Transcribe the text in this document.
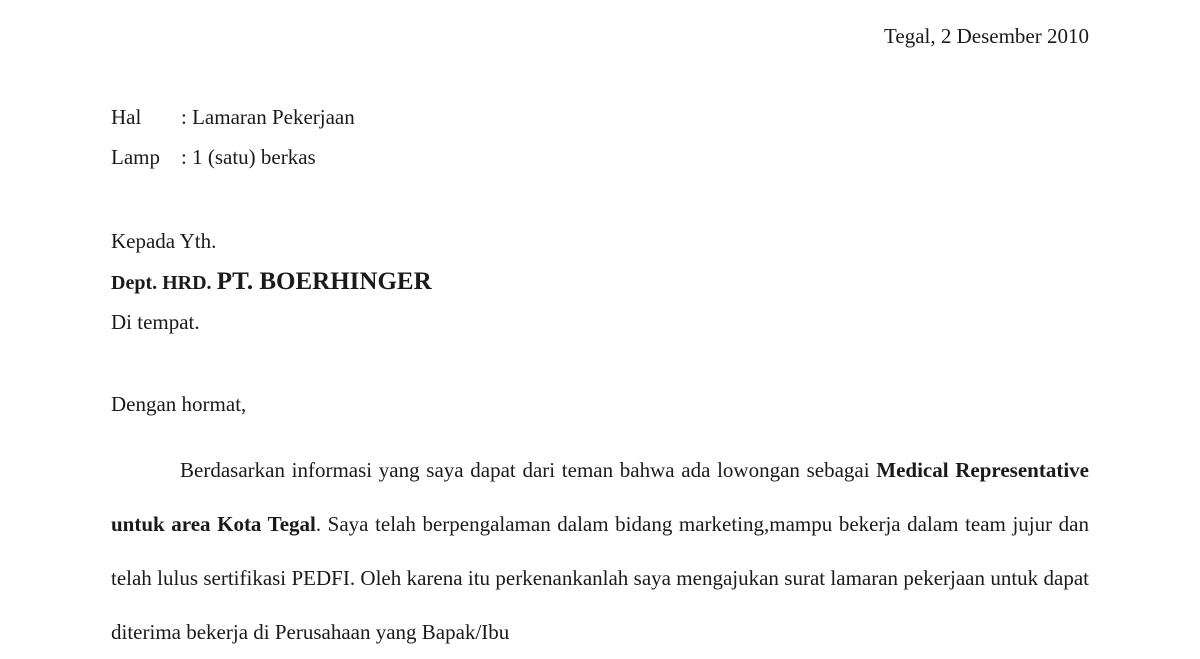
Tegal, 2 Desember 2010
Hal : Lamaran Pekerjaan
Lamp : 1 (satu) berkas
Kepada Yth.
Dept. HRD. PT. BOERHINGER
Di tempat.
Dengan hormat,

Berdasarkan informasi yang saya dapat dari teman bahwa ada lowongan sebagai Medical Representative untuk area Kota Tegal. Saya telah berpengalaman dalam bidang marketing,mampu bekerja dalam team jujur dan telah lulus sertifikasi PEDFI. Oleh karena itu perkenankanlah saya mengajukan surat lamaran pekerjaan untuk dapat diterima bekerja di Perusahaan yang Bapak/Ibu
